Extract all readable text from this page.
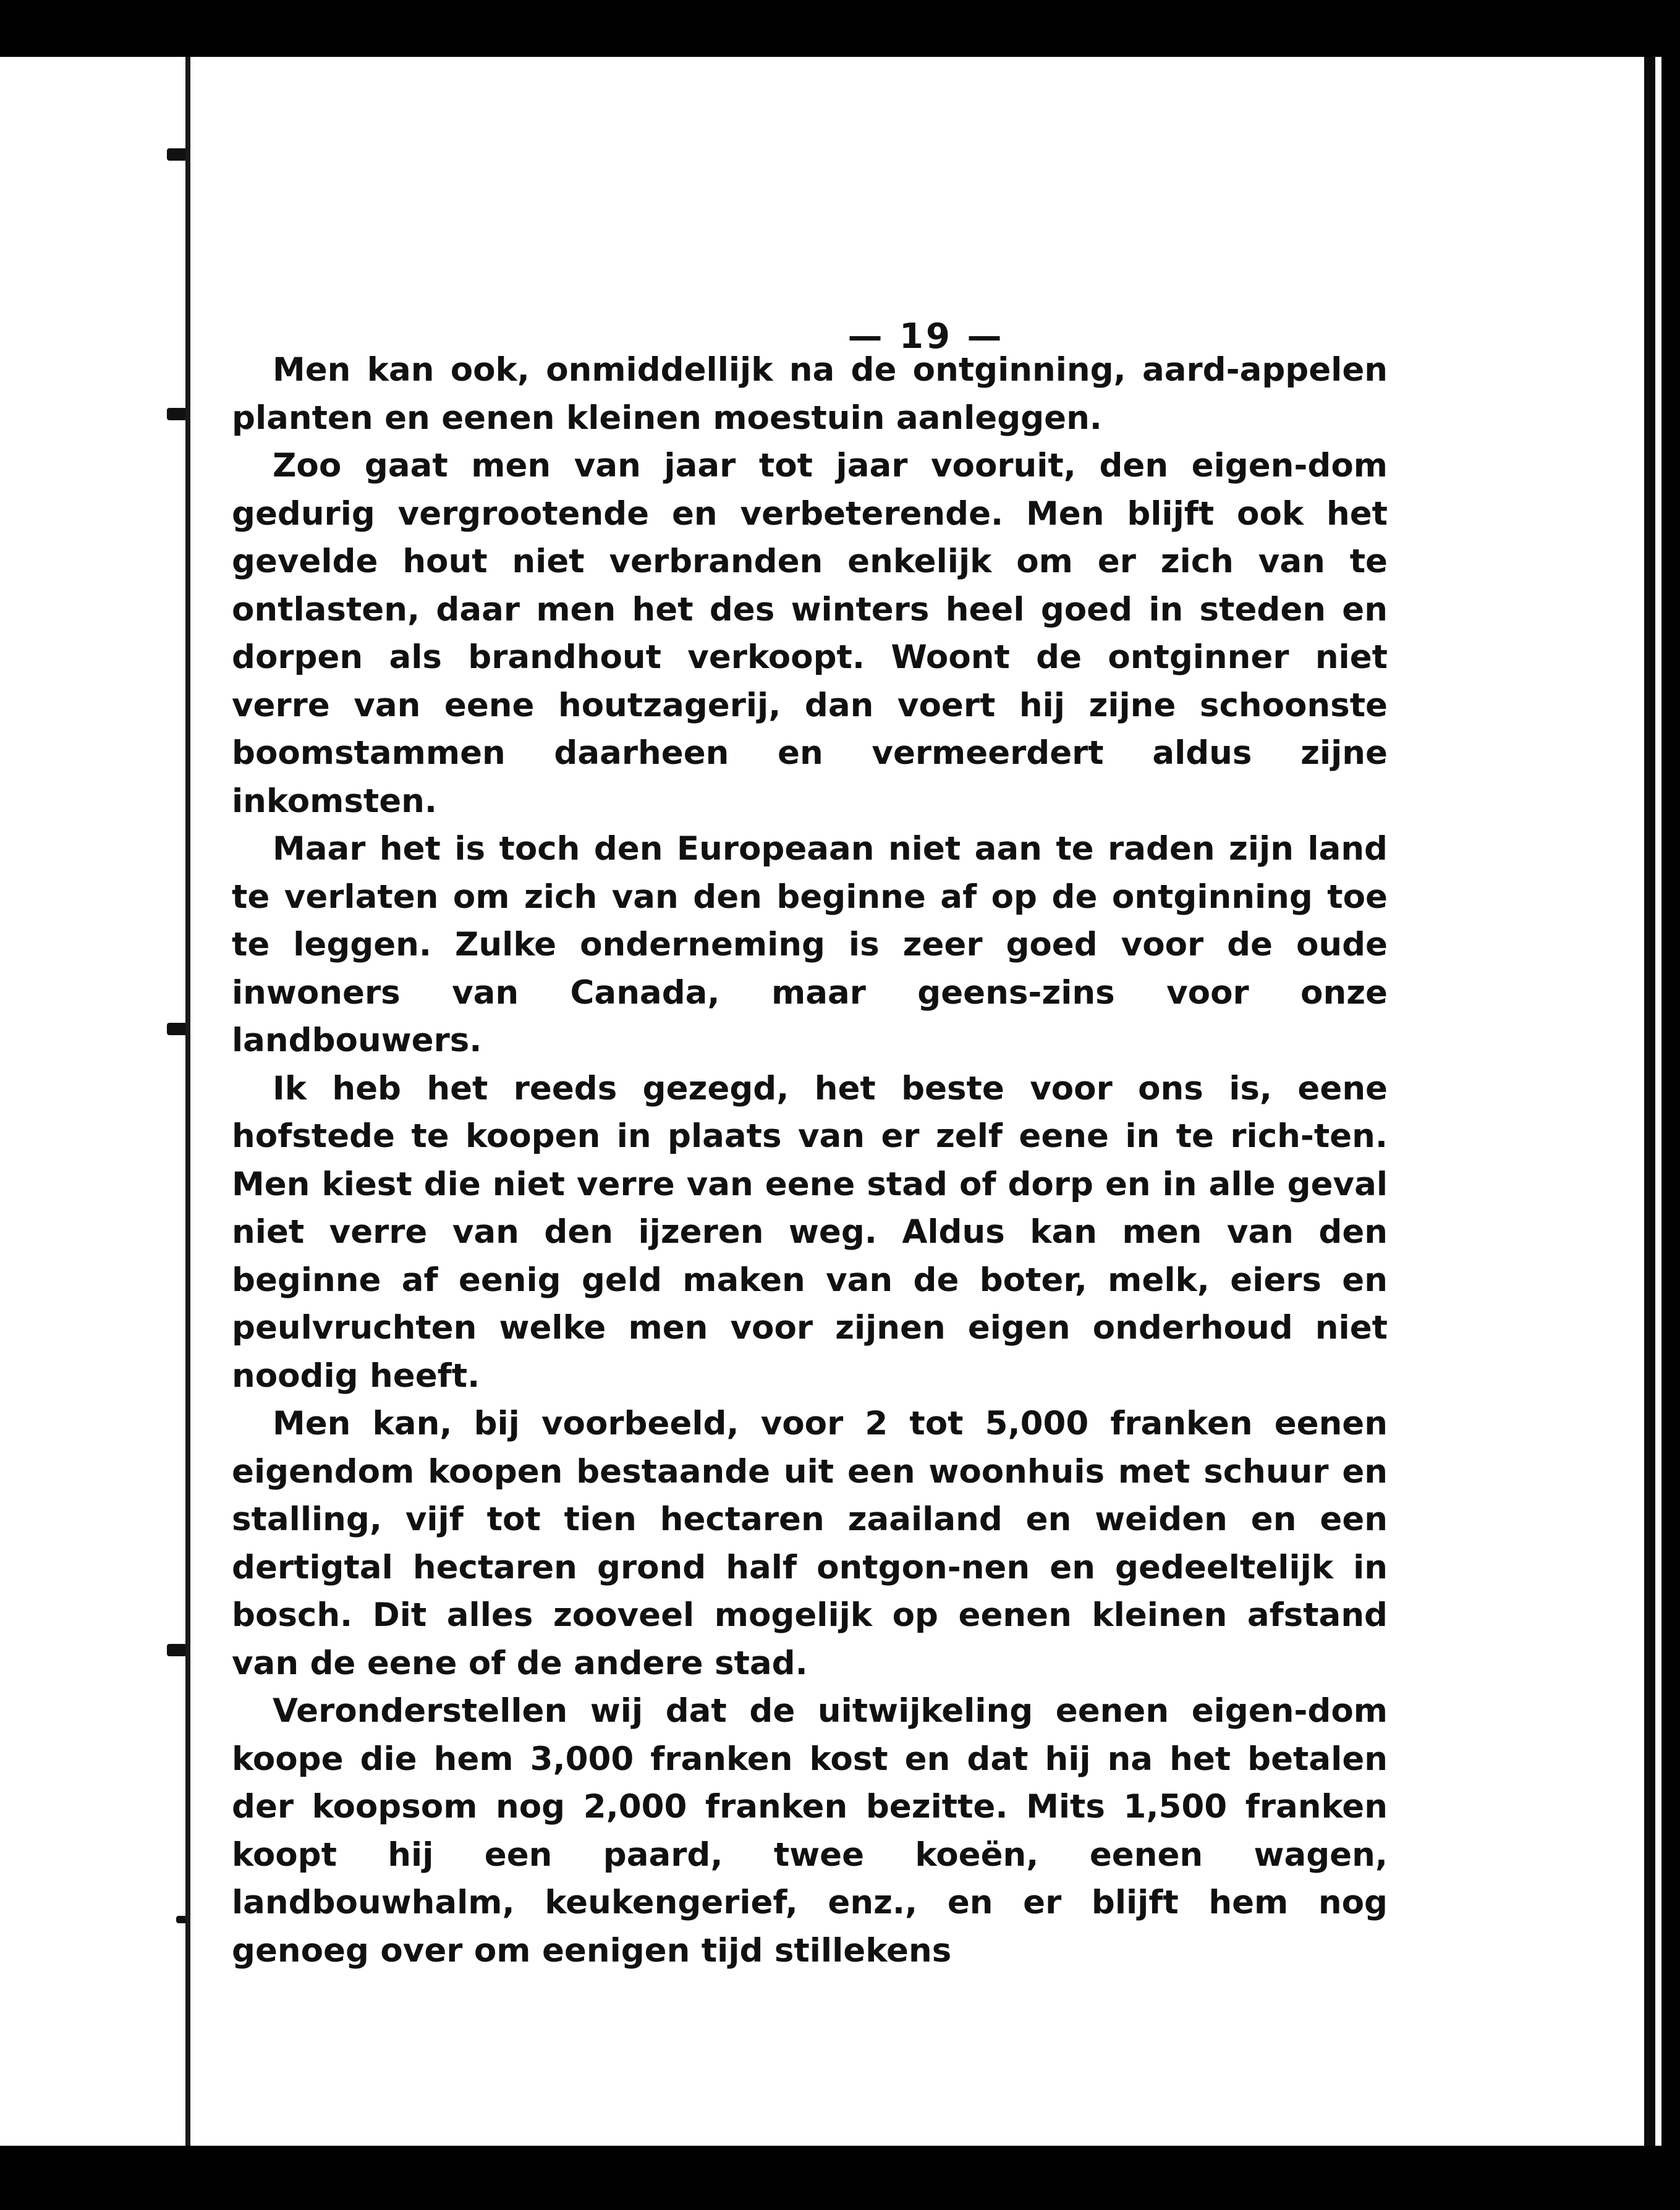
— 19 —

Men kan ook, onmiddellijk na de ontginning, aard-appelen planten en eenen kleinen moestuin aanleggen.

Zoo gaat men van jaar tot jaar vooruit, den eigen-dom gedurig vergrootende en verbeterende. Men blijft ook het gevelde hout niet verbranden enkelijk om er zich van te ontlasten, daar men het des winters heel goed in steden en dorpen als brandhout verkoopt. Woont de ontginner niet verre van eene houtzagerij, dan voert hij zijne schoonste boomstammen daarheen en vermeerdert aldus zijne inkomsten.

Maar het is toch den Europeaan niet aan te raden zijn land te verlaten om zich van den beginne af op de ontginning toe te leggen. Zulke onderneming is zeer goed voor de oude inwoners van Canada, maar geens-zins voor onze landbouwers.

Ik heb het reeds gezegd, het beste voor ons is, eene hofstede te koopen in plaats van er zelf eene in te rich-ten. Men kiest die niet verre van eene stad of dorp en in alle geval niet verre van den ijzeren weg. Aldus kan men van den beginne af eenig geld maken van de boter, melk, eiers en peulvruchten welke men voor zijnen eigen onderhoud niet noodig heeft.

Men kan, bij voorbeeld, voor 2 tot 5,000 franken eenen eigendom koopen bestaande uit een woonhuis met schuur en stalling, vijf tot tien hectaren zaailand en weiden en een dertigtal hectaren grond half ontgon-nen en gedeeltelijk in bosch. Dit alles zooveel mogelijk op eenen kleinen afstand van de eene of de andere stad.

Veronderstellen wij dat de uitwijkeling eenen eigen-dom koope die hem 3,000 franken kost en dat hij na het betalen der koopsom nog 2,000 franken bezitte. Mits 1,500 franken koopt hij een paard, twee koeën, eenen wagen, landbouwhalm, keukengerief, enz., en er blijft hem nog genoeg over om eenigen tijd stillekens
